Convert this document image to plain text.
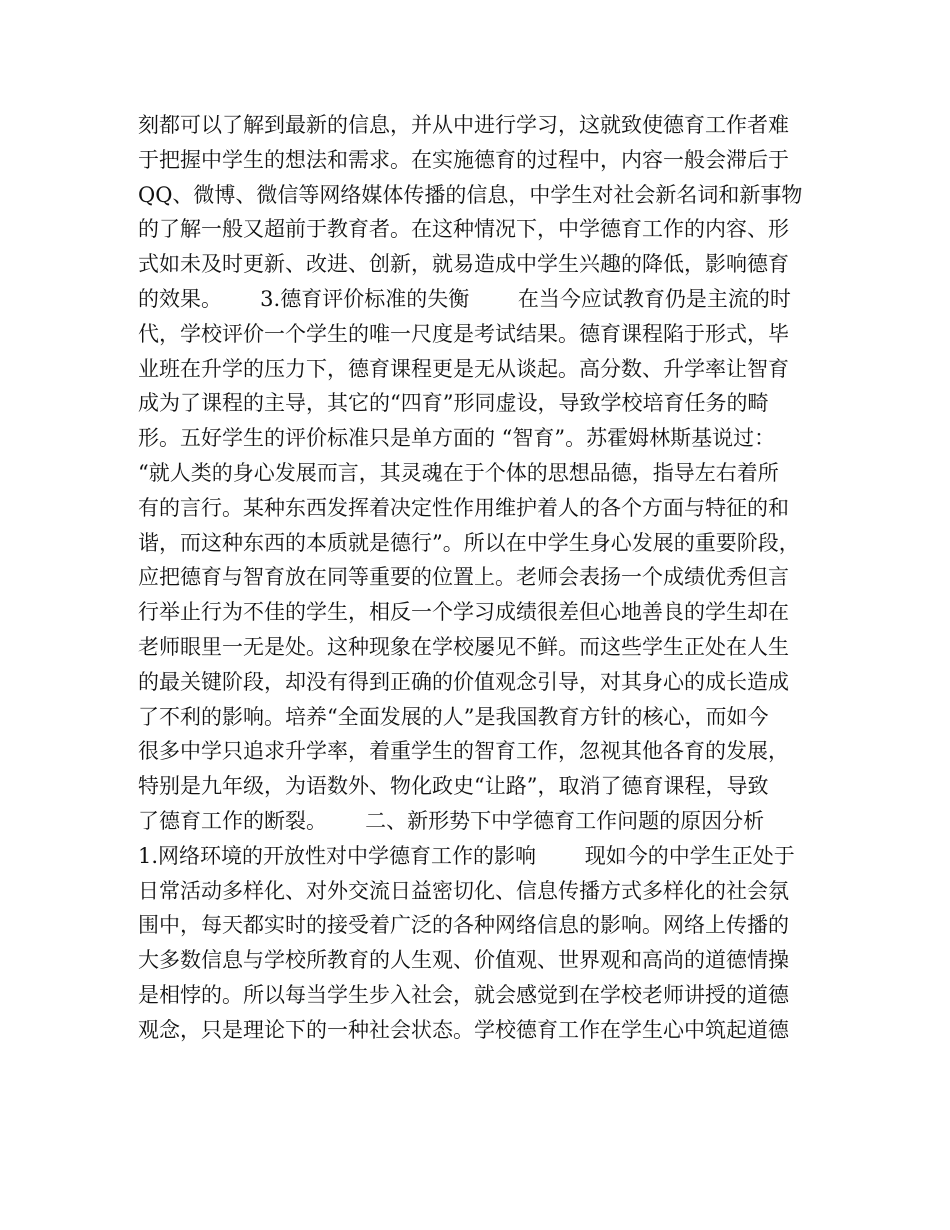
刻都可以了解到最新的信息，并从中进行学习，这就致使德育工作者难
于把握中学生的想法和需求。在实施德育的过程中，内容一般会滞后于
QQ、微博、微信等网络媒体传播的信息，中学生对社会新名词和新事物
的了解一般又超前于教育者。在这种情况下，中学德育工作的内容、形
式如未及时更新、改进、创新，就易造成中学生兴趣的降低，影响德育
的效果。　　 3.德育评价标准的失衡　　 在当今应试教育仍是主流的时
代，学校评价一个学生的唯一尺度是考试结果。德育课程陷于形式，毕
业班在升学的压力下，德育课程更是无从谈起。高分数、升学率让智育
成为了课程的主导，其它的“四育”形同虚设，导致学校培育任务的畸
形。五好学生的评价标准只是单方面的 “智育”。苏霍姆林斯基说过：
“就人类的身心发展而言，其灵魂在于个体的思想品德，指导左右着所
有的言行。某种东西发挥着决定性作用维护着人的各个方面与特征的和
谐，而这种东西的本质就是德行”。所以在中学生身心发展的重要阶段，
应把德育与智育放在同等重要的位置上。老师会表扬一个成绩优秀但言
行举止行为不佳的学生，相反一个学习成绩很差但心地善良的学生却在
老师眼里一无是处。这种现象在学校屡见不鲜。而这些学生正处在人生
的最关键阶段，却没有得到正确的价值观念引导，对其身心的成长造成
了不利的影响。培养“全面发展的人”是我国教育方针的核心，而如今
很多中学只追求升学率，着重学生的智育工作，忽视其他各育的发展，
特别是九年级，为语数外、物化政史“让路”，取消了德育课程，导致
了德育工作的断裂。　　 二、新形势下中学德育工作问题的原因分析
1.网络环境的开放性对中学德育工作的影响　　 现如今的中学生正处于
日常活动多样化、对外交流日益密切化、信息传播方式多样化的社会氛
围中，每天都实时的接受着广泛的各种网络信息的影响。网络上传播的
大多数信息与学校所教育的人生观、价值观、世界观和高尚的道德情操
是相悖的。所以每当学生步入社会，就会感觉到在学校老师讲授的道德
观念，只是理论下的一种社会状态。学校德育工作在学生心中筑起道德
